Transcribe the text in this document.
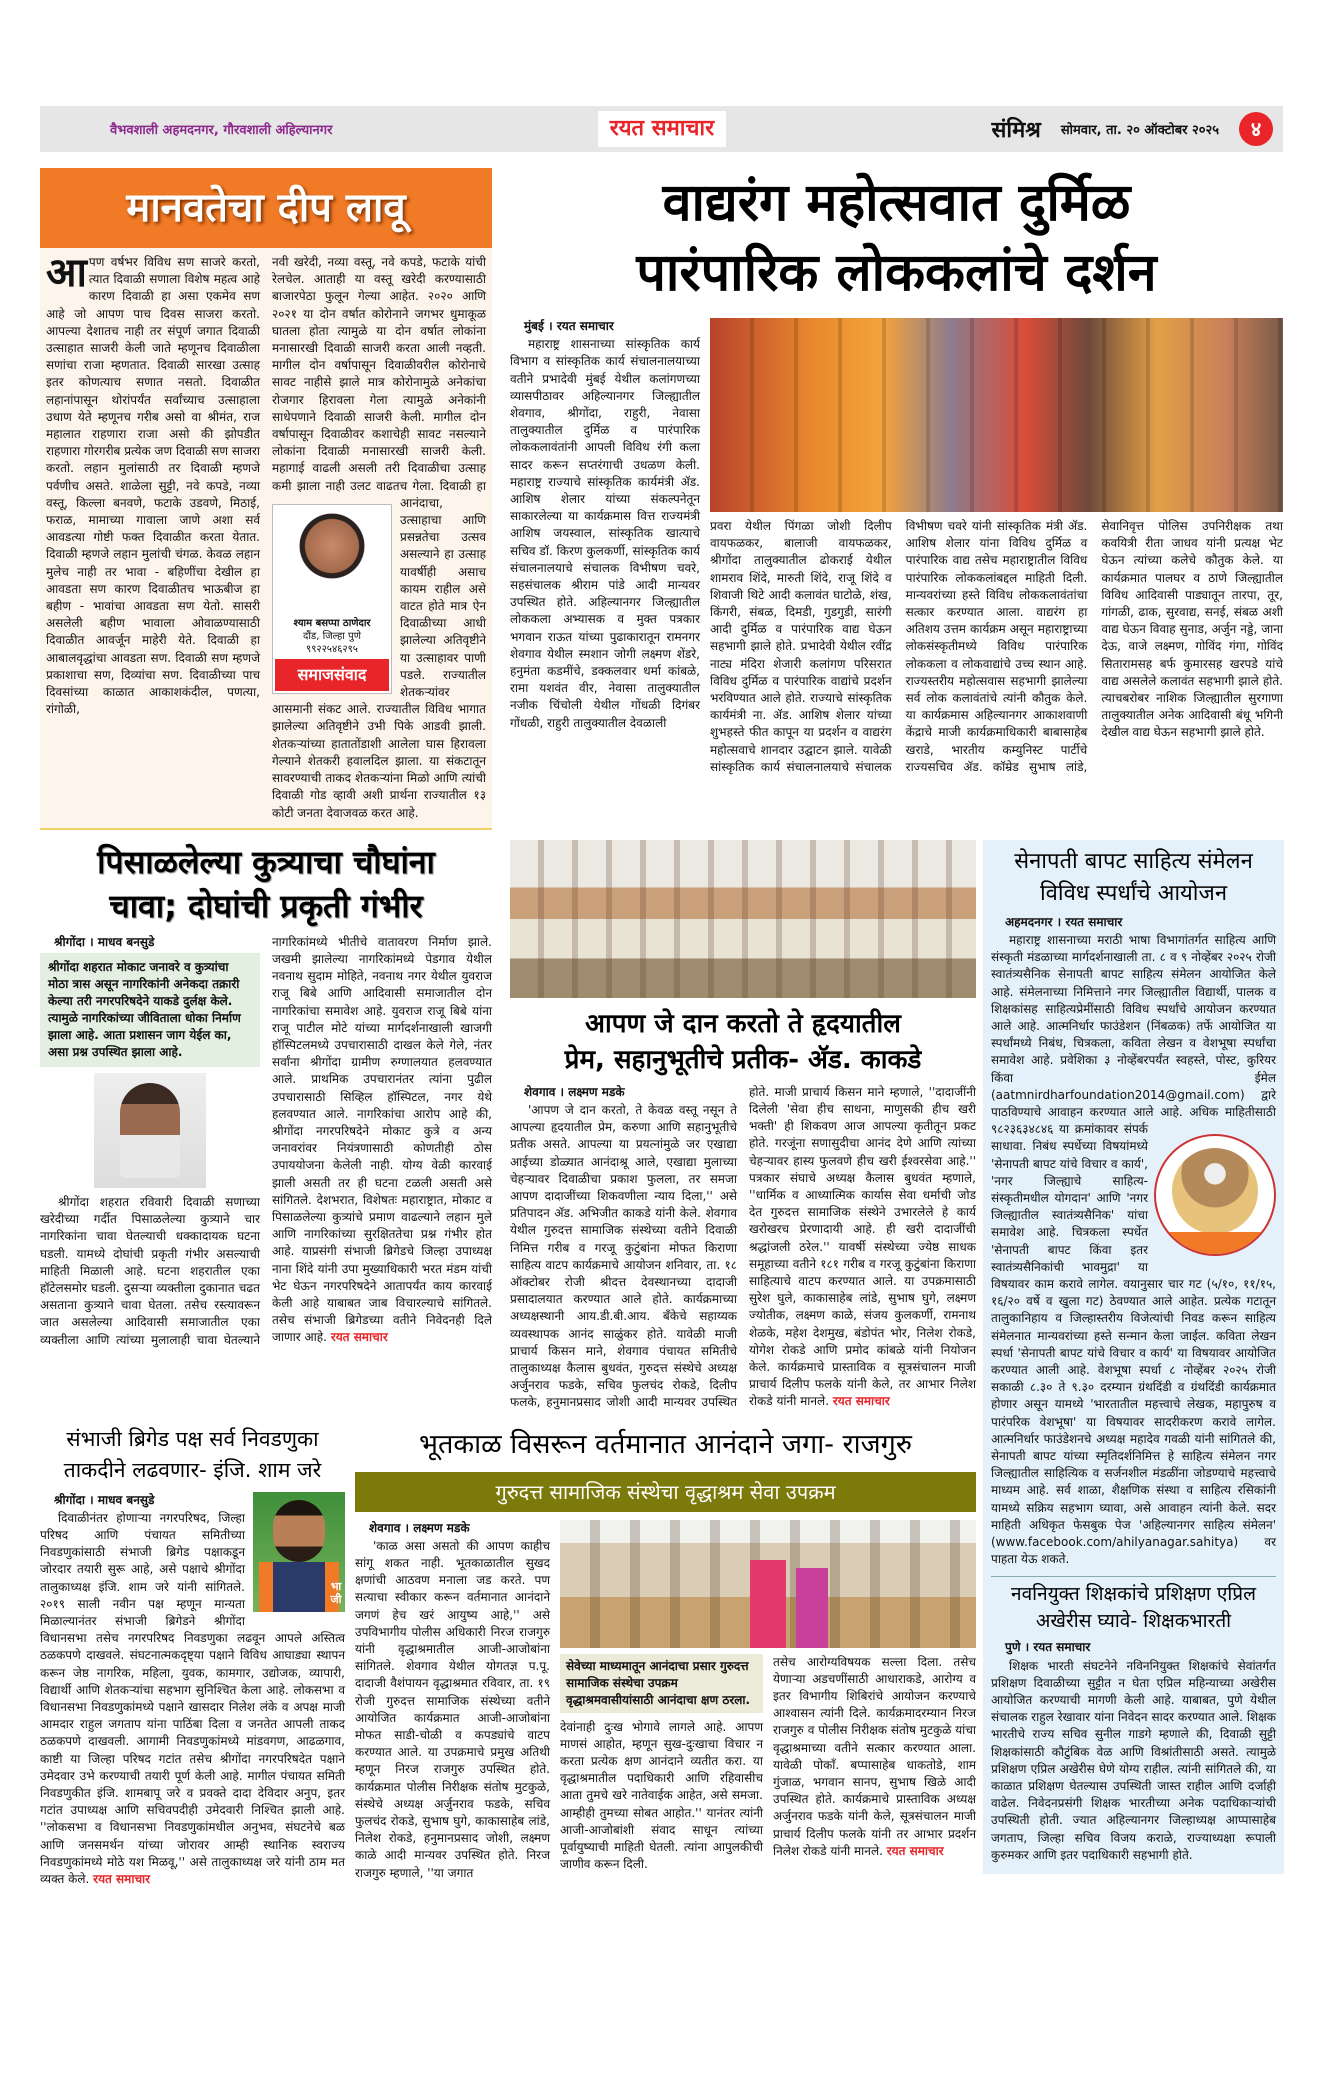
वैभवशाली अहमदनगर, गौरवशाली अहिल्यानगर	रयत समाचार	संमिश्र सोमवार, ता. २० ऑक्टोबर २०२५	४
मानवतेचा दीप लावू
आ पण वर्षभर विविध सण साजरे करतो, त्यात दिवाळी सणाला विशेष महत्व आहे कारण दिवाळी हा असा एकमेव सण आहे जो आपण पाच दिवस साजरा करतो. आपल्या देशातच नाही तर संपूर्ण जगात दिवाळी उत्साहात साजरी केली जाते म्हणूनच दिवाळीला सणांचा राजा म्हणतात. दिवाळी सारखा उत्साह इतर कोणत्याच सणात नसतो. दिवाळीत लहानांपासून थोरांपर्यंत सर्वांच्याच उत्साहाला उधाण येते म्हणूनच गरीब असो वा श्रीमंत, राज महालात राहणारा राजा असो की झोपडीत राहणारा गोरगरीब प्रत्येक जण दिवाळी सण साजरा करतो. लहान मुलांसाठी तर दिवाळी म्हणजे पर्वणीच असते. शाळेला सुट्टी, नवे कपडे, नव्या वस्तू, किल्ला बनवणे, फटाके उडवणे, मिठाई, फराळ, मामाच्या गावाला जाणे अशा सर्व आवडत्या गोष्टी फक्त दिवाळीत करता येतात. दिवाळी म्हणजे लहान मुलांची चंगळ. केवळ लहान मुलेच नाही तर भावा - बहिणींचा देखील हा आवडता सण कारण दिवाळीतच भाऊबीज हा बहीण - भावांचा आवडता सण येतो. सासरी असलेली बहीण भावाला ओवाळण्यासाठी दिवाळीत आवर्जून माहेरी येते. दिवाळी हा आबालवृद्धांचा आवडता सण. दिवाळी सण म्हणजे प्रकाशाचा सण, दिव्यांचा सण. दिवाळीच्या पाच दिवसांच्या काळात आकाशकंदील, पणत्या, रांगोळी,
श्याम बसप्पा ठाणेदार
दौंड, जिल्हा पुणे
९९२२५४६२९५
समाजसंवाद
नवी खरेदी, नव्या वस्तू, नवे कपडे, फटाके यांची रेलचेल. आताही या वस्तू खरेदी करण्यासाठी बाजारपेठा फुलून गेल्या आहेत. २०२० आणि २०२१ या दोन वर्षात कोरोनाने जगभर धुमाकूळ घातला होता त्यामुळे या दोन वर्षात लोकांना मनासारखी दिवाळी साजरी करता आली नव्हती. मागील दोन वर्षापासून दिवाळीवरील कोरोनाचे सावट नाहीसे झाले मात्र कोरोनामुळे अनेकांचा रोजगार हिरावला गेला त्यामुळे अनेकांनी साधेपणाने दिवाळी साजरी केली. मागील दोन वर्षापासून दिवाळीवर कशाचेही सावट नसल्याने लोकांना दिवाळी मनासारखी साजरी केली. महागाई वाढली असली तरी दिवाळीचा उत्साह कमी झाला नाही उलट वाढतच गेला. दिवाळी हा आनंदाचा, उत्साहाचा आणि प्रसन्नतेचा उत्सव असल्याने हा उत्साह यावर्षीही असाच कायम राहील असे वाटत होते मात्र ऐन दिवाळीच्या आधी झालेल्या अतिवृष्टीने या उत्साहावर पाणी पडले. राज्यातील शेतकऱ्यांवर आसमानी संकट आले. राज्यातील विविध भागात झालेल्या अतिवृष्टीने उभी पिके आडवी झाली. शेतकऱ्यांच्या हातातोंडाशी आलेला घास हिरावला गेल्याने शेतकरी हवालदिल झाला. या संकटातून सावरण्याची ताकद शेतकऱ्यांना मिळो आणि त्यांची दिवाळी गोड व्हावी अशी प्रार्थना राज्यातील १३ कोटी जनता देवाजवळ करत आहे.
वाद्यरंग महोत्सवात दुर्मिळ
पारंपारिक लोककलांचे दर्शन
मुंबई । रयत समाचार

महाराष्ट्र शासनाच्या सांस्कृतिक कार्य विभाग व सांस्कृतिक कार्य संचालनालयाच्या वतीने प्रभादेवी मुंबई येथील कलांगणच्या व्यासपीठावर अहिल्यानगर जिल्ह्यातील शेवगाव, श्रीगोंदा, राहुरी, नेवासा तालुक्यातील दुर्मिळ व पारंपारिक लोककलावंतांनी आपली विविध रंगी कला सादर करून सप्तरंगाची उधळण केली. महाराष्ट्र राज्याचे सांस्कृतिक कार्यमंत्री ॲड. आशिष शेलार यांच्या संकल्पनेतून साकारलेल्या या कार्यक्रमास वित्त राज्यमंत्री आशिष जयस्वाल, सांस्कृतिक खात्याचे सचिव डॉ. किरण कुलकर्णी, सांस्कृतिक कार्य संचालनालयाचे संचालक विभीषण चवरे, सहसंचालक श्रीराम पांडे आदी मान्यवर उपस्थित होते. अहिल्यानगर जिल्ह्यातील लोककला अभ्यासक व मुक्त पत्रकार भगवान राऊत यांच्या पुढाकारातून रामनगर शेवगाव येथील स्मशान जोगी लक्ष्मण शेंडरे, हनुमंता कडमींचे, डक्कलवार धर्मा कांबळे, रामा यशवंत वीर, नेवासा तालुक्यातील नजीक चिंचोली येथील गोंधळी दिगंबर गोंधळी, राहुरी तालुक्यातील देवळाली

प्रवरा येथील पिंगळा जोशी दिलीप वायफळकर, बालाजी वायफळकर, श्रीगोंदा तालुक्यातील ढोकराई येथील शामराव शिंदे, मारुती शिंदे, राजू शिंदे व शिवाजी थिटे आदी कलावंत घाटोळे, शंख, किंगरी, संबळ, दिमडी, गुडगुडी, सारंगी आदी दुर्मिळ व पारंपारिक वाद्य घेऊन सहभागी झाले होते. प्रभादेवी येथील रवींद्र नाट्य मंदिरा शेजारी कलांगण परिसरात विविध दुर्मिळ व पारंपारिक वाद्यांचे प्रदर्शन भरविण्यात आले होते. राज्याचे सांस्कृतिक कार्यमंत्री ना. ॲड. आशिष शेलार यांच्या शुभहस्ते फीत कापून या प्रदर्शन व वाद्यरंग महोत्सवाचे शानदार उद्घाटन झाले. यावेळी सांस्कृतिक कार्य संचालनालयाचे संचालक विभीषण चवरे यांनी सांस्कृतिक मंत्री ॲड. आशिष शेलार यांना विविध दुर्मिळ व पारंपारिक वाद्य तसेच महाराष्ट्रातील विविध पारंपारिक लोककलांबद्दल माहिती दिली. मान्यवरांच्या हस्ते विविध लोककलावंतांचा सत्कार करण्यात आला. वाद्यरंग हा अतिशय उत्तम कार्यक्रम असून महाराष्ट्राच्या लोकसंस्कृतीमध्ये विविध पारंपारिक लोककला व लोकवाद्यांचे उच्च स्थान आहे. राज्यस्तरीय महोत्सवास सहभागी झालेल्या सर्व लोक कलावंतांचे त्यांनी कौतुक केले. या कार्यक्रमास अहिल्यानगर आकाशवाणी केंद्राचे माजी कार्यक्रमाधिकारी बाबासाहेब खराडे, भारतीय कम्युनिस्ट पार्टीचे राज्यसचिव ॲड. कॉम्रेड सुभाष लांडे, सेवानिवृत्त पोलिस उपनिरीक्षक तथा कवयित्री रीता जाधव यांनी प्रत्यक्ष भेट घेऊन त्यांच्या कलेचे कौतुक केले. या कार्यक्रमात पालघर व ठाणे जिल्ह्यातील विविध आदिवासी पाड्यातून तारपा, तूर, गांगळी, ढाक, सुरवाद्य, सनई, संबळ अशी वाद्य घेऊन विवाह सुनाड, अर्जुन नड्डे, जाना देऊ, वाजे लक्ष्मण, गोविंद गंगा, गोविंद सितारामसह बर्फ कुमारसह खरपडे यांचे वाद्य असलेले कलावंत सहभागी झाले होते. त्याचबरोबर नाशिक जिल्ह्यातील सुरगाणा तालुक्यातील अनेक आदिवासी बंधू भगिनी देखील वाद्य घेऊन सहभागी झाले होते.
पिसाळलेल्या कुत्र्याचा चौघांना
चावा; दोघांची प्रकृती गंभीर
श्रीगोंदा । माधव बनसुडे
श्रीगोंदा शहरात मोकाट जनावरे व कुत्र्यांचा मोठा त्रास असून नागरिकांनी अनेकदा तक्रारी केल्या तरी नगरपरिषदेने याकडे दुर्लक्ष केले. त्यामुळे नागरिकांच्या जीविताला धोका निर्माण झाला आहे. आता प्रशासन जाग येईल का, असा प्रश्न उपस्थित झाला आहे.

श्रीगोंदा शहरात रविवारी दिवाळी सणाच्या खरेदीच्या गर्दीत पिसाळलेल्या कुत्र्याने चार नागरिकांना चावा घेतल्याची धक्कादायक घटना घडली. यामध्ये दोघांची प्रकृती गंभीर असल्याची माहिती मिळाली आहे. घटना शहरातील एका हॉटेलसमोर घडली. दुसऱ्या व्यक्तीला दुकानात चढत असताना कुत्र्याने चावा घेतला. तसेच रस्त्यावरून जात असलेल्या आदिवासी समाजातील एका व्यक्तीला आणि त्यांच्या मुलालाही चावा घेतल्याने नागरिकांमध्ये भीतीचे वातावरण निर्माण झाले. जखमी झालेल्या नागरिकांमध्ये पेडगाव येथील नवनाथ सुदाम मोहिते, नवनाथ नगर येथील युवराज राजू बिबे आणि आदिवासी समाजातील दोन नागरिकांचा समावेश आहे. युवराज राजू बिबे यांना राजू पाटील मोटे यांच्या मार्गदर्शनाखाली खाजगी हॉस्पिटलमध्ये उपचारासाठी दाखल केले गेले, नंतर सर्वांना श्रीगोंदा ग्रामीण रुग्णालयात हलवण्यात आले. प्राथमिक उपचारानंतर त्यांना पुढील उपचारासाठी सिव्हिल हॉस्पिटल, नगर येथे हलवण्यात आले. नागरिकांचा आरोप आहे की, श्रीगोंदा नगरपरिषदेने मोकाट कुत्रे व अन्य जनावरांवर नियंत्रणासाठी कोणतीही ठोस उपाययोजना केलेली नाही. योग्य वेळी कारवाई झाली असती तर ही घटना टळली असती असे सांगितले. देशभरात, विशेषतः महाराष्ट्रात, मोकाट व पिसाळलेल्या कुत्र्यांचे प्रमाण वाढल्याने लहान मुले आणि नागरिकांच्या सुरक्षिततेचा प्रश्न गंभीर होत आहे. याप्रसंगी संभाजी ब्रिगेडचे जिल्हा उपाध्यक्ष नाना शिंदे यांनी उपा मुख्याधिकारी भरत मंडम यांची भेट घेऊन नगरपरिषदेने आतापर्यंत काय कारवाई केली आहे याबाबत जाब विचारल्याचे सांगितले. तसेच संभाजी ब्रिगेडच्या वतीने निवेदनही दिले जाणार आहे. रयत समाचार

आपण जे दान करतो ते हृदयातील
प्रेम, सहानुभूतीचे प्रतीक- ॲड. काकडे
शेवगाव । लक्ष्मण मडके

'आपण जे दान करतो, ते केवळ वस्तू नसून ते आपल्या हृदयातील प्रेम, करुणा आणि सहानुभूतीचे प्रतीक असते. आपल्या या प्रयत्नांमुळे जर एखाद्या आईच्या डोळ्यात आनंदाश्रू आले, एखाद्या मुलाच्या चेहऱ्यावर दिवाळीचा प्रकाश फुलला, तर समजा आपण दादाजींच्या शिकवणीला न्याय दिला,'' असे प्रतिपादन ॲड. अभिजीत काकडे यांनी केले. शेवगाव येथील गुरुदत्त सामाजिक संस्थेच्या वतीने दिवाळी निमित्त गरीब व गरजू कुटुंबांना मोफत किराणा साहित्य वाटप कार्यक्रमाचे आयोजन शनिवार, ता. १८ ऑक्टोबर रोजी श्रीदत्त देवस्थानच्या दादाजी प्रसादालयात करण्यात आले होते. कार्यक्रमाच्या अध्यक्षस्थानी आय.डी.बी.आय. बँकेचे सहाय्यक व्यवस्थापक आनंद साळुंकर होते. यावेळी माजी प्राचार्य किसन माने, शेवगाव पंचायत समितीचे तालुकाध्यक्ष कैलास बुधवंत, गुरुदत्त संस्थेचे अध्यक्ष अर्जुनराव फडके, सचिव फुलचंद रोकडे, दिलीप फलके, हनुमानप्रसाद जोशी आदी मान्यवर उपस्थित होते. माजी प्राचार्य किसन माने म्हणाले, ''दादाजींनी दिलेली 'सेवा हीच साधना, माणुसकी हीच खरी भक्ती' ही शिकवण आज आपल्या कृतीतून प्रकट होते. गरजूंना सणासुदीचा आनंद देणे आणि त्यांच्या चेहऱ्यावर हास्य फुलवणे हीच खरी ईश्वरसेवा आहे.'' पत्रकार संघाचे अध्यक्ष कैलास बुधवंत म्हणाले, ''धार्मिक व आध्यात्मिक कार्यास सेवा धर्माची जोड देत गुरुदत्त सामाजिक संस्थेने उभारलेले हे कार्य खरोखरच प्रेरणादायी आहे. ही खरी दादाजींची श्रद्धांजली ठरेल.'' यावर्षी संस्थेच्या ज्येष्ठ साधक समूहाच्या वतीने १८१ गरीब व गरजू कुटुंबांना किराणा साहित्याचे वाटप करण्यात आले. या उपक्रमासाठी सुरेश घुले, काकासाहेब लांडे, सुभाष घुगे, लक्ष्मण ज्योतीक, लक्ष्मण काळे, संजय कुलकर्णी, रामनाथ शेळके, महेश देशमुख, बंडोपंत भोर, निलेश रोकडे, योगेश रोकडे आणि प्रमोद कांबळे यांनी नियोजन केले. कार्यक्रमाचे प्रास्ताविक व सूत्रसंचालन माजी प्राचार्य दिलीप फलके यांनी केले, तर आभार निलेश रोकडे यांनी मानले. रयत समाचार

संभाजी ब्रिगेड पक्ष सर्व निवडणुका
ताकदीने लढवणार- इंजि. शाम जरे
भा जी
श्रीगोंदा । माधव बनसुडे

दिवाळीनंतर होणाऱ्या नगरपरिषद, जिल्हा परिषद आणि पंचायत समितीच्या निवडणुकांसाठी संभाजी ब्रिगेड पक्षाकडून जोरदार तयारी सुरू आहे, असे पक्षाचे श्रीगोंदा तालुकाध्यक्ष इंजि. शाम जरे यांनी सांगितले. २०१९ साली नवीन पक्ष म्हणून मान्यता मिळाल्यानंतर संभाजी ब्रिगेडने श्रीगोंदा विधानसभा तसेच नगरपरिषद निवडणुका लढवून आपले अस्तित्व ठळकपणे दाखवले. संघटनात्मकदृष्ट्या पक्षाने विविध आघाड्या स्थापन करून जेष्ठ नागरिक, महिला, युवक, कामगार, उद्योजक, व्यापारी, विद्यार्थी आणि शेतकऱ्यांचा सहभाग सुनिश्चित केला आहे. लोकसभा व विधानसभा निवडणुकांमध्ये पक्षाने खासदार निलेश लंके व अपक्ष माजी आमदार राहुल जगताप यांना पाठिंबा दिला व जनतेत आपली ताकद ठळकपणे दाखवली. आगामी निवडणुकांमध्ये मांडवगण, आढळगाव, काष्टी या जिल्हा परिषद गटांत तसेच श्रीगोंदा नगरपरिषदेत पक्षाने उमेदवार उभे करण्याची तयारी पूर्ण केली आहे. मागील पंचायत समिती निवडणुकीत इंजि. शामबापू जरे व प्रवक्ते दादा देविदार अनुप, इतर गटांत उपाध्यक्ष आणि सचिवपदीही उमेदवारी निश्चित झाली आहे. ''लोकसभा व विधानसभा निवडणुकांमधील अनुभव, संघटनेचे बळ आणि जनसमर्थन यांच्या जोरावर आम्ही स्थानिक स्वराज्य निवडणुकांमध्ये मोठे यश मिळवू,'' असे तालुकाध्यक्ष जरे यांनी ठाम मत व्यक्त केले. रयत समाचार

भूतकाळ विसरून वर्तमानात आनंदाने जगा- राजगुरु
गुरुदत्त सामाजिक संस्थेचा वृद्धाश्रम सेवा उपक्रम
शेवगाव । लक्ष्मण मडके

'काळ असा असतो की आपण काहीच सांगू शकत नाही. भूतकाळातील सुखद क्षणांची आठवण मनाला जड करते. पण सत्याचा स्वीकार करून वर्तमानात आनंदाने जगणं हेच खरं आयुष्य आहे,'' असे उपविभागीय पोलीस अधिकारी निरज राजगुरु यांनी वृद्धाश्रमातील आजी-आजोबांना सांगितले. शेवगाव येथील योगतज्ञ प.पू. दादाजी वैशंपायन वृद्धाश्रमात रविवार, ता. १९ रोजी गुरुदत्त सामाजिक संस्थेच्या वतीने आयोजित कार्यक्रमात आजी-आजोबांना मोफत साडी-चोळी व कपड्यांचे वाटप करण्यात आले. या उपक्रमाचे प्रमुख अतिथी म्हणून निरज राजगुरु उपस्थित होते. कार्यक्रमात पोलीस निरीक्षक संतोष मुटकुळे, संस्थेचे अध्यक्ष अर्जुनराव फडके, सचिव फुलचंद रोकडे, सुभाष घुगे, काकासाहेब लांडे, निलेश रोकडे, हनुमानप्रसाद जोशी, लक्ष्मण काळे आदी मान्यवर उपस्थित होते. निरज राजगुरु म्हणाले, ''या जगात

सेवेच्या माध्यमातून आनंदाचा प्रसार गुरुदत्त सामाजिक संस्थेचा उपक्रम वृद्धाश्रमवासीयांसाठी आनंदाचा क्षण ठरला.
देवांनाही दुःख भोगावे लागले आहे. आपण माणसं आहोत, म्हणून सुख-दुःखाचा विचार न करता प्रत्येक क्षण आनंदाने व्यतीत करा. या वृद्धाश्रमातील पदाधिकारी आणि रहिवासीच आता तुमचे खरे नातेवाईक आहेत, असे समजा. आम्हीही तुमच्या सोबत आहोत.'' यानंतर त्यांनी आजी-आजोबांशी संवाद साधून त्यांच्या पूर्वायुष्याची माहिती घेतली. त्यांना आपुलकीची जाणीव करून दिली.
तसेच आरोग्यविषयक सल्ला दिला. तसेच येणाऱ्या अडचणींसाठी आधाराकडे, आरोग्य व इतर विभागीय शिबिरांचे आयोजन करण्याचे आश्वासन त्यांनी दिले. कार्यक्रमादरम्यान निरज राजगुरु व पोलीस निरीक्षक संतोष मुटकुळे यांचा वृद्धाश्रमाच्या वतीने सत्कार करण्यात आला. यावेळी पोकॉं. बप्पासाहेब धाकतोडे, शाम गुंजाळ, भगवान सानप, सुभाष खिळे आदी उपस्थित होते. कार्यक्रमाचे प्रास्ताविक अध्यक्ष अर्जुनराव फडके यांनी केले, सूत्रसंचालन माजी प्राचार्य दिलीप फलके यांनी तर आभार प्रदर्शन निलेश रोकडे यांनी मानले. रयत समाचार
सेनापती बापट साहित्य संमेलन
विविध स्पर्धांचे आयोजन
अहमदनगर । रयत समाचार

महाराष्ट्र शासनाच्या मराठी भाषा विभागांतर्गत साहित्य आणि संस्कृती मंडळाच्या मार्गदर्शनाखाली ता. ८ व ९ नोव्हेंबर २०२५ रोजी स्वातंत्र्यसैनिक सेनापती बापट साहित्य संमेलन आयोजित केले आहे. संमेलनाच्या निमित्ताने नगर जिल्ह्यातील विद्यार्थी, पालक व शिक्षकांसह साहित्यप्रेमींसाठी विविध स्पर्धांचे आयोजन करण्यात आले आहे. आत्मनिर्धार फाउंडेशन (निंबळक) तर्फे आयोजित या स्पर्धांमध्ये निबंध, चित्रकला, कविता लेखन व वेशभूषा स्पर्धांचा समावेश आहे. प्रवेशिका ३ नोव्हेंबरपर्यंत स्वहस्ते, पोस्ट, कुरियर किंवा ईमेल (aatmnirdharfoundation2014@gmail.com) द्वारे पाठविण्याचे आवाहन करण्यात आले आहे. अधिक माहितीसाठी ९८२३६३४८४६ या क्रमांकावर संपर्क साधावा. निबंध स्पर्धेच्या विषयांमध्ये 'सेनापती बापट यांचे विचार व कार्य', 'नगर जिल्ह्याचे साहित्य-संस्कृतीमधील योगदान' आणि 'नगर जिल्ह्यातील स्वातंत्र्यसैनिक' यांचा समावेश आहे. चित्रकला स्पर्धेत 'सेनापती बापट किंवा इतर स्वातंत्र्यसैनिकांची भावमुद्रा' या विषयावर काम करावे लागेल. वयानुसार चार गट (५/१०, ११/१५, १६/२० वर्षे व खुला गट) ठेवण्यात आले आहेत. प्रत्येक गटातून तालुकानिहाय व जिल्हास्तरीय विजेत्यांची निवड करून साहित्य संमेलनात मान्यवरांच्या हस्ते सन्मान केला जाईल. कविता लेखन स्पर्धा 'सेनापती बापट यांचे विचार व कार्य' या विषयावर आयोजित करण्यात आली आहे. वेशभूषा स्पर्धा ८ नोव्हेंबर २०२५ रोजी सकाळी ८.३० ते ९.३० दरम्यान ग्रंथदिंडी व ग्रंथदिंडी कार्यक्रमात होणार असून यामध्ये 'भारतातील महत्त्वाचे लेखक, महापुरुष व पारंपरिक वेशभूषा' या विषयावर सादरीकरण करावे लागेल. आत्मनिर्धार फाउंडेशनचे अध्यक्ष महादेव गवळी यांनी सांगितले की, सेनापती बापट यांच्या स्मृतिदर्शनिमित्त हे साहित्य संमेलन नगर जिल्ह्यातील साहित्यिक व सर्जनशील मंडळींना जोडण्याचे महत्त्वाचे माध्यम आहे. सर्व शाळा, शैक्षणिक संस्था व साहित्य रसिकांनी यामध्ये सक्रिय सहभाग घ्यावा, असे आवाहन त्यांनी केले. सदर माहिती अधिकृत फेसबुक पेज 'अहिल्यानगर साहित्य संमेलन' (www.facebook.com/ahilyanagar.sahitya) वर पाहता येऊ शकते.

नवनियुक्त शिक्षकांचे प्रशिक्षण एप्रिल
अखेरीस घ्यावे- शिक्षकभारती
पुणे । रयत समाचार

शिक्षक भारती संघटनेने नविननियुक्त शिक्षकांचे सेवांतर्गत प्रशिक्षण दिवाळीच्या सुट्टीत न घेता एप्रिल महिन्याच्या अखेरीस आयोजित करण्याची मागणी केली आहे. याबाबत, पुणे येथील संचालक राहुल रेखावार यांना निवेदन सादर करण्यात आले. शिक्षक भारतीचे राज्य सचिव सुनील गाडगे म्हणाले की, दिवाळी सुट्टी शिक्षकांसाठी कौटुंबिक वेळ आणि विश्रांतीसाठी असते. त्यामुळे प्रशिक्षण एप्रिल अखेरीस घेणे योग्य राहील. त्यांनी सांगितले की, या काळात प्रशिक्षण घेतल्यास उपस्थिती जास्त राहील आणि दर्जाही वाढेल. निवेदनप्रसंगी शिक्षक भारतीच्या अनेक पदाधिकाऱ्यांची उपस्थिती होती. ज्यात अहिल्यानगर जिल्हाध्यक्ष आप्पासाहेब जगताप, जिल्हा सचिव विजय कराळे, राज्याध्यक्षा रूपाली कुरुमकर आणि इतर पदाधिकारी सहभागी होते.
